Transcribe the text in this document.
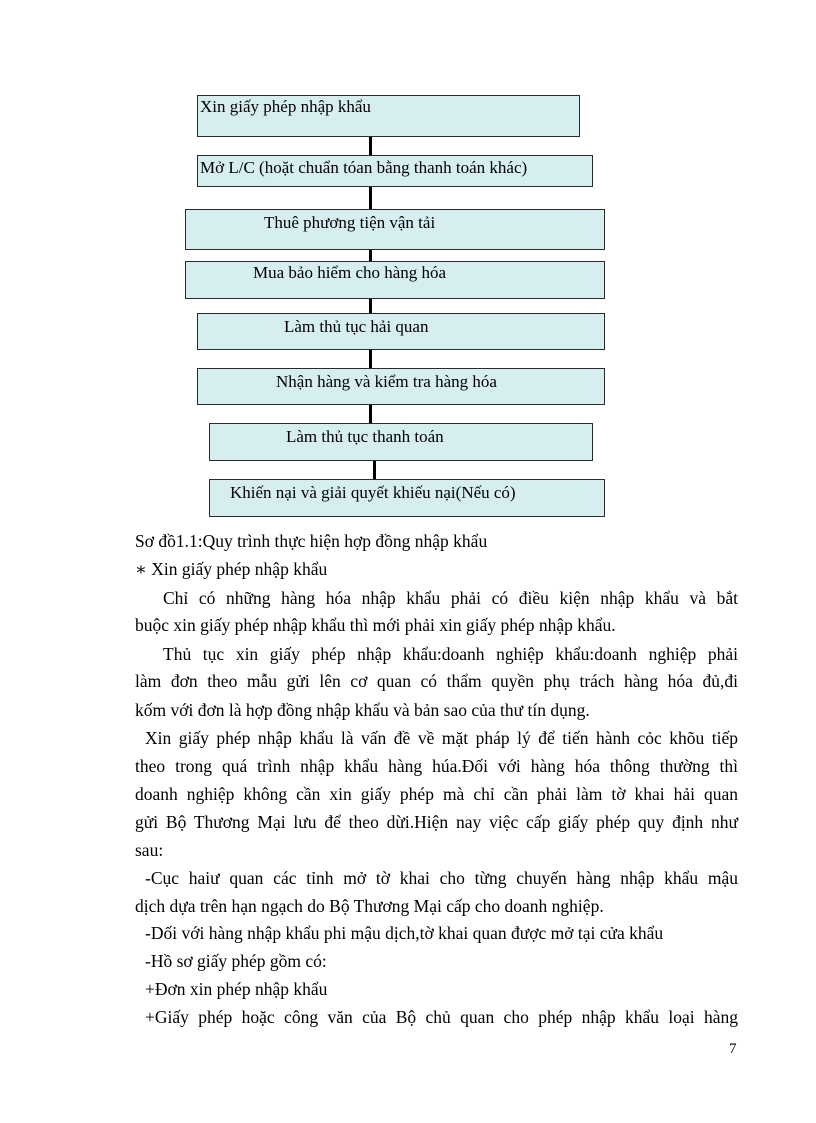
Xin giấy phép nhập khẩu
Mở L/C (hoặt chuẩn tóan bằng thanh toán khác)
Thuê phương tiện vận tải
Mua bảo hiểm cho hàng hóa
Làm thủ tục hải quan
Nhận hàng và kiểm tra hàng hóa
Làm thủ tục thanh toán
Khiến nại và giải quyết khiếu nại(Nếu có)
Sơ đồ1.1:Quy trình thực hiện hợp đồng nhập khẩu
∗ Xin giấy phép nhập khẩu
Chỉ có những hàng hóa nhập khẩu phải có điều kiện nhập khẩu và bắt
buộc xin giấy phép nhập khẩu thì mới phải xin giấy phép nhập khẩu.
Thủ tục xin giấy phép nhập khẩu:doanh nghiệp khẩu:doanh nghiệp phải
làm đơn theo mẫu gửi lên cơ quan có thẩm quyền phụ trách hàng hóa đủ,đi
kốm với đơn là hợp đồng nhập khẩu và bản sao của thư tín dụng.
Xin giấy phép nhập khẩu là vấn đề về mặt pháp lý để tiến hành cỏc khõu tiếp
theo trong quá trình nhập khẩu hàng húa.Đối với hàng hóa thông thường thì
doanh nghiệp không cần xin giấy phép mà chỉ cần phải làm tờ khai hải quan
gửi Bộ Thương Mại lưu để theo dừi.Hiện nay việc cấp giấy phép quy định như
sau:
-Cục haiư quan các tỉnh mở tờ khai cho từng chuyến hàng nhập khẩu mậu
dịch dựa trên hạn ngạch do Bộ Thương Mại cấp cho doanh nghiệp.
-Dối với hàng nhập khẩu phi mậu dịch,tờ khai quan được mở tại cửa khẩu
-Hồ sơ giấy phép gồm có:
+Đơn xin phép nhập khẩu
+Giấy phép hoặc công văn của Bộ chủ quan cho phép nhập khẩu loại hàng
7
